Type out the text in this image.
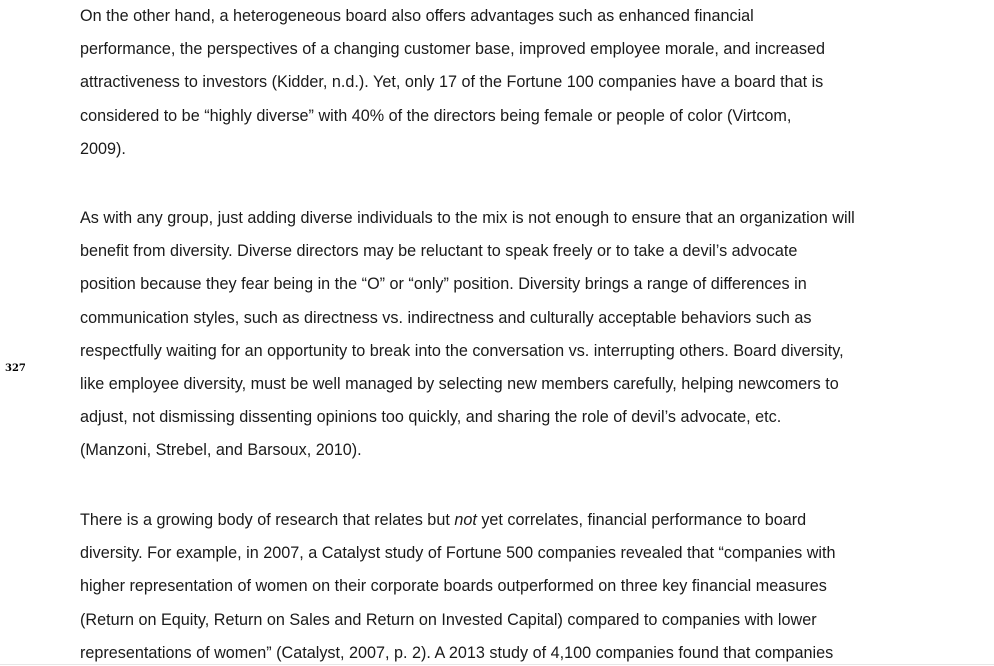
327
On the other hand, a heterogeneous board also offers advantages such as enhanced financial
performance, the perspectives of a changing customer base, improved employee morale, and increased
attractiveness to investors (Kidder, n.d.). Yet, only 17 of the Fortune 100 companies have a board that is
considered to be “highly diverse” with 40% of the directors being female or people of color (Virtcom,
2009).
As with any group, just adding diverse individuals to the mix is not enough to ensure that an organization will
benefit from diversity. Diverse directors may be reluctant to speak freely or to take a devil’s advocate
position because they fear being in the “O” or “only” position. Diversity brings a range of differences in
communication styles, such as directness vs. indirectness and culturally acceptable behaviors such as
respectfully waiting for an opportunity to break into the conversation vs. interrupting others. Board diversity,
like employee diversity, must be well managed by selecting new members carefully, helping newcomers to
adjust, not dismissing dissenting opinions too quickly, and sharing the role of devil’s advocate, etc.
(Manzoni, Strebel, and Barsoux, 2010).
There is a growing body of research that relates but not yet correlates, financial performance to board
diversity. For example, in 2007, a Catalyst study of Fortune 500 companies revealed that “companies with
higher representation of women on their corporate boards outperformed on three key financial measures
(Return on Equity, Return on Sales and Return on Invested Capital) compared to companies with lower
representations of women” (Catalyst, 2007, p. 2). A 2013 study of 4,100 companies found that companies
